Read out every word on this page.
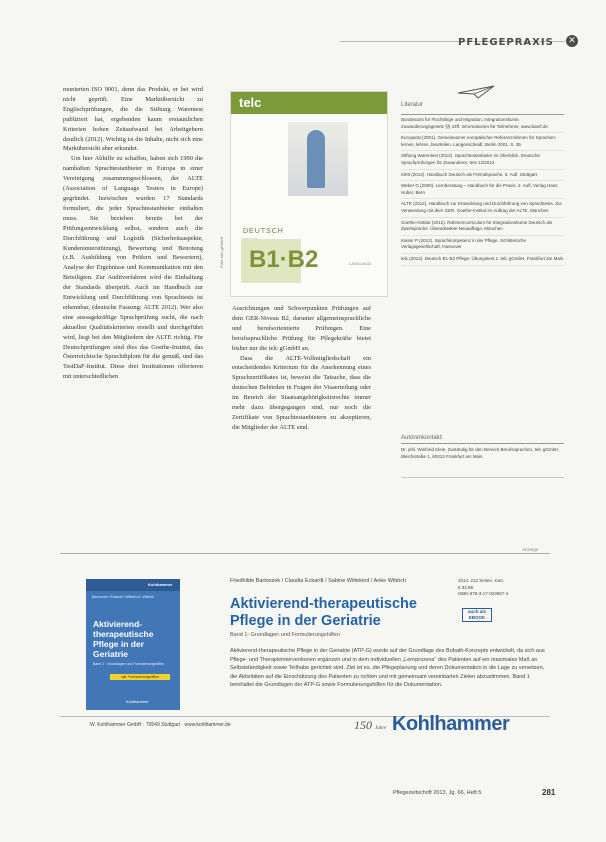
PFLEGEPRAXIS ✕

monierten ISO 9001, denn das Produkt, er bei wird nicht geprüft. Eine Marktübersicht zu Englischprüfungen, die die Stiftung Warentest publiziert hat, ergebenden kaum erstaunlichen Kriterien hohen Zeitaufwand bei Arbeitgebern deutlich (2012). Wichtig ist die Inhalte, nicht sich eine Markübersicht aber erkundet.

Um hier Abhilfe zu schaffen, haben sich 1990 die namhaften Sprachtestanbieter in Europa in einer Vereinigung zusammengeschlossen, der ALTE (Association of Language Testers in Europe) gegründet. Inzwischen wurden 17 Standards formuliert, die jeder Sprachtestanbieter einhalten muss. Sie beziehen bereits bei der Prüfungsentwicklung selbst, sondern auch die Durchführung und Logistik (Sicherheitsaspekte, Kundenunterstützung), Bewertung und Benotung (z.B. Ausbildung von Prüfern und Bewertern), Analyse der Ergebnisse und Kommunikation mit den Beteiligten. Zur Auditverfahren wird die Einhaltung der Standards überprüft. Auch im Handbuch zur Entwicklung und Durchführung von Sprachtests ist erkennbar, (deutsche Fassung: ALTE 2012). Wer also eine aussagekräftige Sprachprüfung sucht, die nach aktuellen Qualitätskriterien erstellt und durchgeführt wird, liegt bei den Mitgliedern der ALTE richtig. Für Deutschprüfungen sind dies das Goethe-Institut, das Österreichische Sprachdiplom für die gemäß, und das TestDaF-Institut. Diese drei Institutionen offerieren mit unterschiedlichen

telc
DEUTSCH
B1·B2	LANGUAGE
Foto: telc gGmbH

Ausrichtungen und Schwerpunkten Prüfungen auf dem GER-Niveau B2, darunter allgemeinsprachliche und berufsorientierte Prüfungen. Eine berufssprachliche Prüfung für Pflegekräfte bietet bisher nur die telc gGmbH an.

Dass die ALTE-Vollmitgliedschaft ein entscheidendes Kriterium für die Anerkennung eines Sprachzertifikates ist, beweist die Tatsache, dass die deutschen Behörden in Fragen der Visaerteilung oder im Bereich der Staatsangehörigkeitsrechte immer mehr dazu übergegangen sind, nur noch die Zertifikate von Sprachtestanbietern zu akzeptieren, die Mitglieder der ALTE sind.

Literatur
Bundesamt für Flüchtlinge und Migration, Integrationskurse. Zuwanderungsgesetz §§ 43ff. Informationen für Teilnehmer, www.bamf.de
Europarat (2001). Gemeinsamer europäischer Referenzrahmen für Sprachen: lernen, lehren, beurteilen. Langenscheidt, Berlin 2001, S. 35
Stiftung Warentest (2012). Sprachtestanbieter im Überblick. Deutsche Sprachprüfungen für Zuwanderer, test 12/2012
Klett (2012). Handbuch Deutsch als Fremdsprache. 3. Aufl. Stuttgart
Weber G (2000). Lernberatung – Handbuch für die Praxis. 2. Aufl. Verlag Hans Huber, Bern
ALTE (2012). Handbuch zur Entwicklung und Durchführung von Sprachtests. Zur Verwendung mit dem GER. Goethe-Institut im Auftrag der ALTE, München
Goethe-Institut (2012). Rahmencurriculum für Integrationskurse Deutsch als Zweitsprache. Überarbeitete Neuauflage, München
Kaiser P (2012). Sprachkompetenz in der Pflege. Schlütersche Verlagsgesellschaft, Hannover
telc (2013). Deutsch B1·B2 Pflege. Übungstest 1. telc gGmbH, Frankfurt am Main
Autorenkontakt:
Dr. phil. Winfried Kleie, Zuständig für den Bereich Berufssprachen, telc gGmbH, Bleichstraße 1, 60313 Frankfurt am Main
Anzeige
Kohlhammer
Bartoszek / Eckardt / Wittekind / Wittrich
Aktivierend-therapeutische Pflege in der Geriatrie
Band 1 · Grundlagen und Formulierungshilfen
inkl. Formulierungshilfen
Kohlhammer
Friedhilde Bartoszek / Claudia Eckardt / Sabine Wittekind / Anke Wittrich
Aktivierend-therapeutische
Pflege in der Geriatrie
Band 1: Grundlagen und Formulierungshilfen
Aktivierend-therapeutische Pflege in der Geriatrie (ATP-G) wurde auf der Grundlage des Bobath-Konzepts entwickelt, da sich aus Pflege- und Therapieinterventionen ergänzen und in dem individuellen „Lernprozess“ des Patienten auf ein maximales Maß an Selbstständigkeit sowie Teilhabe gerichtet sind. Ziel ist es, die Pflegeplanung und deren Dokumentation in die Lage zu versetzen, die Aktivitäten auf die Einschätzung des Patienten zu richten und mit gemeinsam vereinbarten Zielen abzustimmen. Band 1 beinhaltet die Grundlagen der ATP-G sowie Formulierungshilfen für die Dokumentation.
2014. 212 Seiten. Kart.
€ 32,99
ISBN 978-3-17-023657-4
auch als EBOOK
W. Kohlhammer GmbH · 70549 Stuttgart · www.kohlhammer.de	150 Jahre Kohlhammer
Pflegezeitschrift 2013, Jg. 66, Heft 5	281
